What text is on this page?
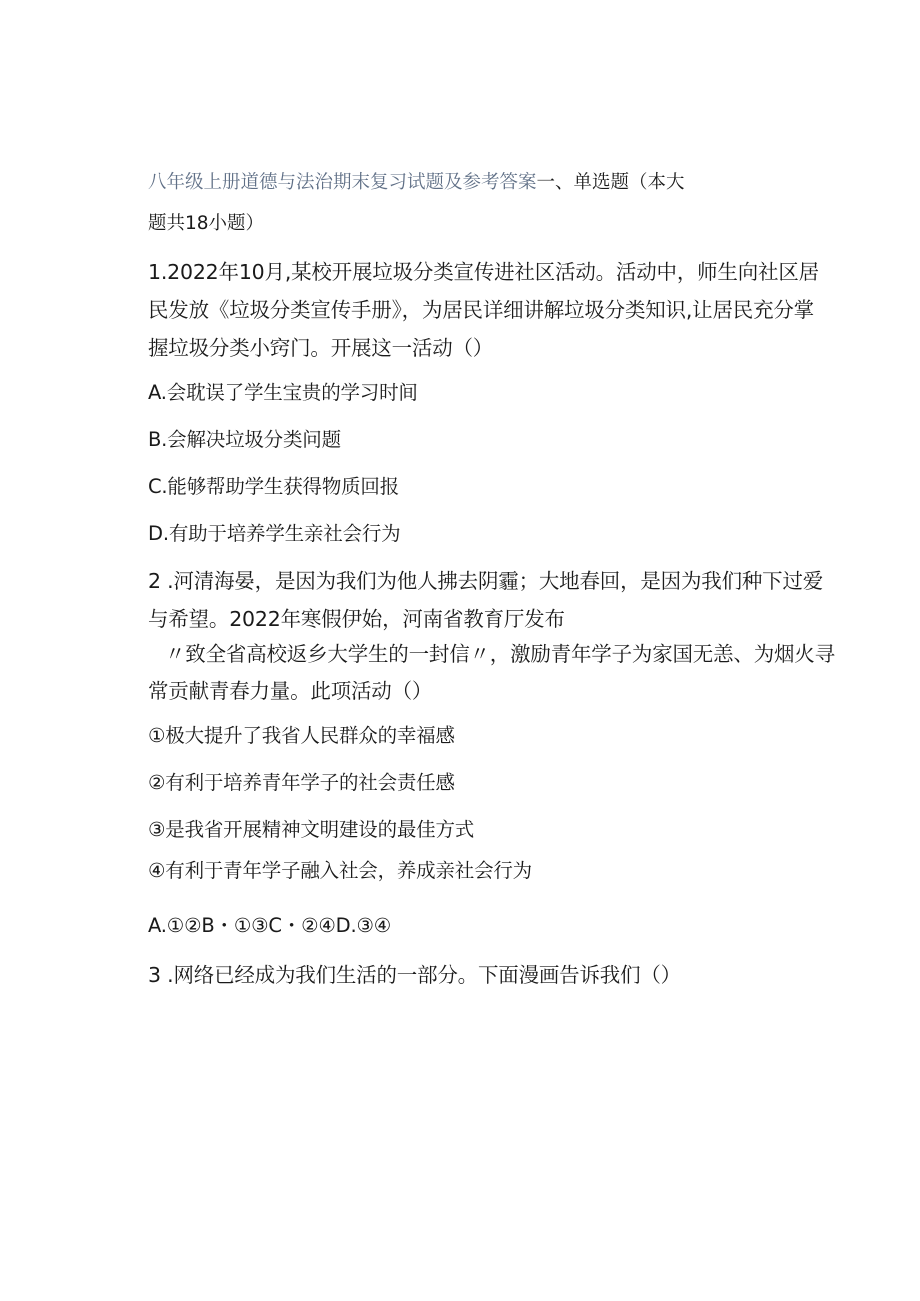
八年级上册道德与法治期末复习试题及参考答案一、单选题（本大
题共18小题）
1.2022年10月,某校开展垃圾分类宣传进社区活动。活动中，师生向社区居
民发放《垃圾分类宣传手册》，为居民详细讲解垃圾分类知识,让居民充分掌
握垃圾分类小窍门。开展这一活动（）
A.会耽误了学生宝贵的学习时间
B.会解决垃圾分类问题
C.能够帮助学生获得物质回报
D.有助于培养学生亲社会行为
2 .河清海晏，是因为我们为他人拂去阴霾；大地春回，是因为我们种下过爱
与希望。2022年寒假伊始，河南省教育厅发布
〃致全省高校返乡大学生的一封信〃，激励青年学子为家国无恙、为烟火寻
常贡献青春力量。此项活动（）
①极大提升了我省人民群众的幸福感
②有利于培养青年学子的社会责任感
③是我省开展精神文明建设的最佳方式
④有利于青年学子融入社会，养成亲社会行为
A.①②B・①③C・②④D.③④
3 .网络已经成为我们生活的一部分。下面漫画告诉我们（）
